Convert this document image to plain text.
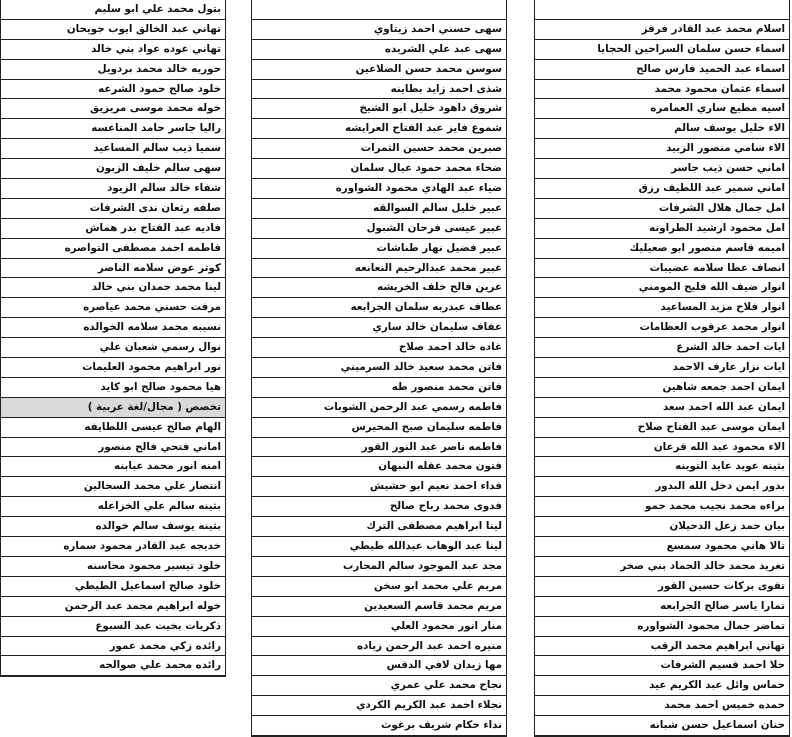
اسلام محمد عبد القادر فرقز
اسماء حسن سلمان السراحين الحجايا
اسماء عبد الحميد فارس صالح
اسماء عثمان محمود محمد
اسيه مطيع ساري العمامره
الاء خليل يوسف سالم
الاء سامي منصور الزبيد
اماني حسن ذيب جاسر
اماني سمير عبد اللطيف رزق
امل جمال هلال الشرفات
امل محمود ارشيد الطراونه
اميمه قاسم منصور ابو صعيليك
انصاف عطا سلامه عضيبات
انوار ضيف الله فليح المومني
انوار فلاح مزيد المساعيد
انوار محمد عرقوب العظامات
ايات احمد خالد الشرع
ايات نزار عارف الاحمد
ايمان احمد جمعه شاهين
ايمان عبد الله احمد سعد
ايمان موسى عبد الفتاح صلاح
الاء محمود عبد الله قرعان
بثينه عويد عايد التوينه
بدور ايمن دخل الله البدور
براءه محمد نجيب محمد حمو
بيان حمد زعل الدحيلان
تالا هاني محمود سمسع
تغريد محمد خالد الحماد بني صخر
تقوى بركات حسين القور
تمارا ياسر صالح الجرابعه
تماضر جمال محمود الشواوره
تهاني ابراهيم محمد الرقب
حلا احمد قسيم الشرفات
حماس وائل عبد الكريم عيد
حمده خميس احمد محمد
حنان اسماعيل حسن شبانه
سهى حسني احمد زيتاوي
سهى عبد علي الشريده
سوسن محمد حسن الضلاعين
شذى احمد زايد بطاينه
شروق داهود خليل ابو الشيخ
شموع فايز عبد الفتاح العرايشه
صبرين محمد حسين الثمرات
ضحاء محمد حمود عيال سلمان
ضياء عبد الهادي محمود الشواوره
عبير خليل سالم السوالقه
عبير عيسى فرحان الشبول
عبير فضيل نهار طناشات
عبير محمد عبدالرحيم النعانعه
عرين فالح خلف الخريشه
عطاف عبدربه سلمان الجرابعه
عفاف سليمان خالد ساري
غاده خالد احمد صلاح
فاتن محمد سعيد خالد السرميني
فاتن محمد منصور طه
فاطمه رسمي عبد الرحمن الشوبات
فاطمه سليمان صبح المحيرس
فاطمه ناصر عبد النور القور
فتون محمد عقله النبهان
فداء احمد نعيم ابو حشيش
فدوى محمد رباح صالح
لينا ابراهيم مصطفى الترك
لينا عبد الوهاب عبدالله طيطي
مجد عبد الموجود سالم المحارب
مريم علي محمد ابو سخن
مريم محمد قاسم السعيدين
منار انور محمود العلي
منيره احمد عبد الرحمن زياده
مها زيدان لافي الدقس
نجاح محمد علي عمري
نجلاء احمد عبد الكريم الكردي
نداء حكام شريف برغوث
بتول محمد علي ابو سليم
تهاني عبد الخالق ايوب جويحان
تهاني عوده عواد بني خالد
حوريه خالد محمد بردويل
خلود صالح حمود الشرعه
خوله محمد موسى مريزيق
راليا جاسر حامد المناعسه
سميا ذيب سالم المساعيد
سهى سالم خليف الزبون
شفاء خالد سالم الزيود
صلفه رثعان ندى الشرفات
فاديه عبد الفتاح بدر هماش
فاطمه احمد مصطفى التواصره
كوثر عوض سلامه الناصر
لينا محمد حمدان بني خالد
مرفت حسني محمد عياصره
نسيبه محمد سلامه الخوالده
نوال رسمي شعبان علي
نور ابراهيم محمود العليمات
هيا محمود صالح ابو كايد
تخصص ( مجال/لغة عربية )
الهام صالح عيسى اللطايفه
اماني فتحي فالح منصور
امنه انور محمد عبابنه
انتصار علي محمد السحالين
بثينه سالم علي الخزاعله
بثينه يوسف سالم خوالده
خديجه عبد القادر محمود سماره
خلود تيسير محمود محاسنه
خلود صالح اسماعيل الطيطي
خوله ابراهيم محمد عبد الرحمن
ذكريات بخيت عبد السبوع
رائده زكي محمد عمور
رائده محمد علي صوالحه
